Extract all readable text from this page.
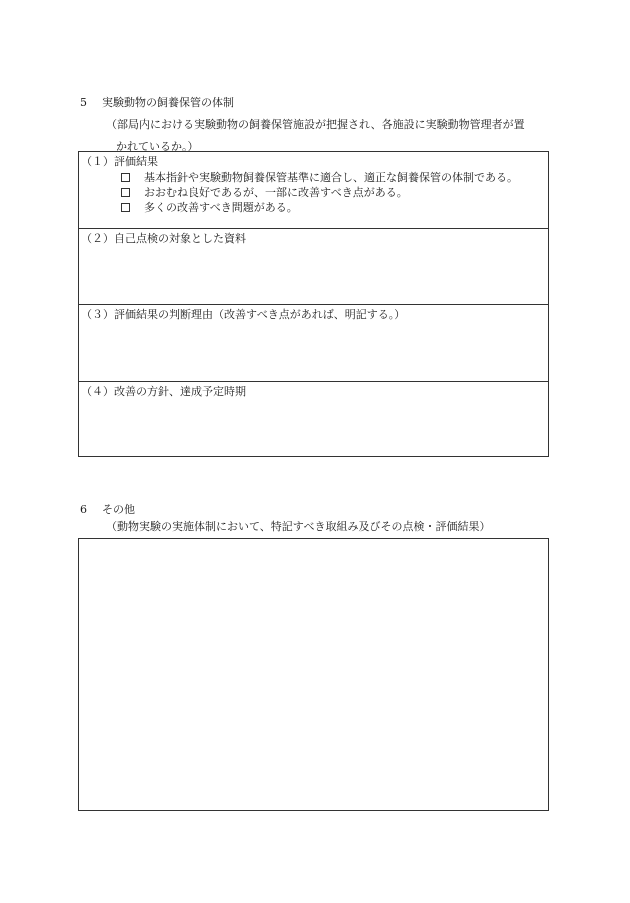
5 実験動物の飼養保管の体制
（部局内における実験動物の飼養保管施設が把握され、各施設に実験動物管理者が置
かれているか。）
（１）評価結果
基本指針や実験動物飼養保管基準に適合し、適正な飼養保管の体制である。
おおむね良好であるが、一部に改善すべき点がある。
多くの改善すべき問題がある。
（２）自己点検の対象とした資料
（３）評価結果の判断理由（改善すべき点があれば、明記する。）
（４）改善の方針、達成予定時期
6 その他
（動物実験の実施体制において、特記すべき取組み及びその点検・評価結果）
